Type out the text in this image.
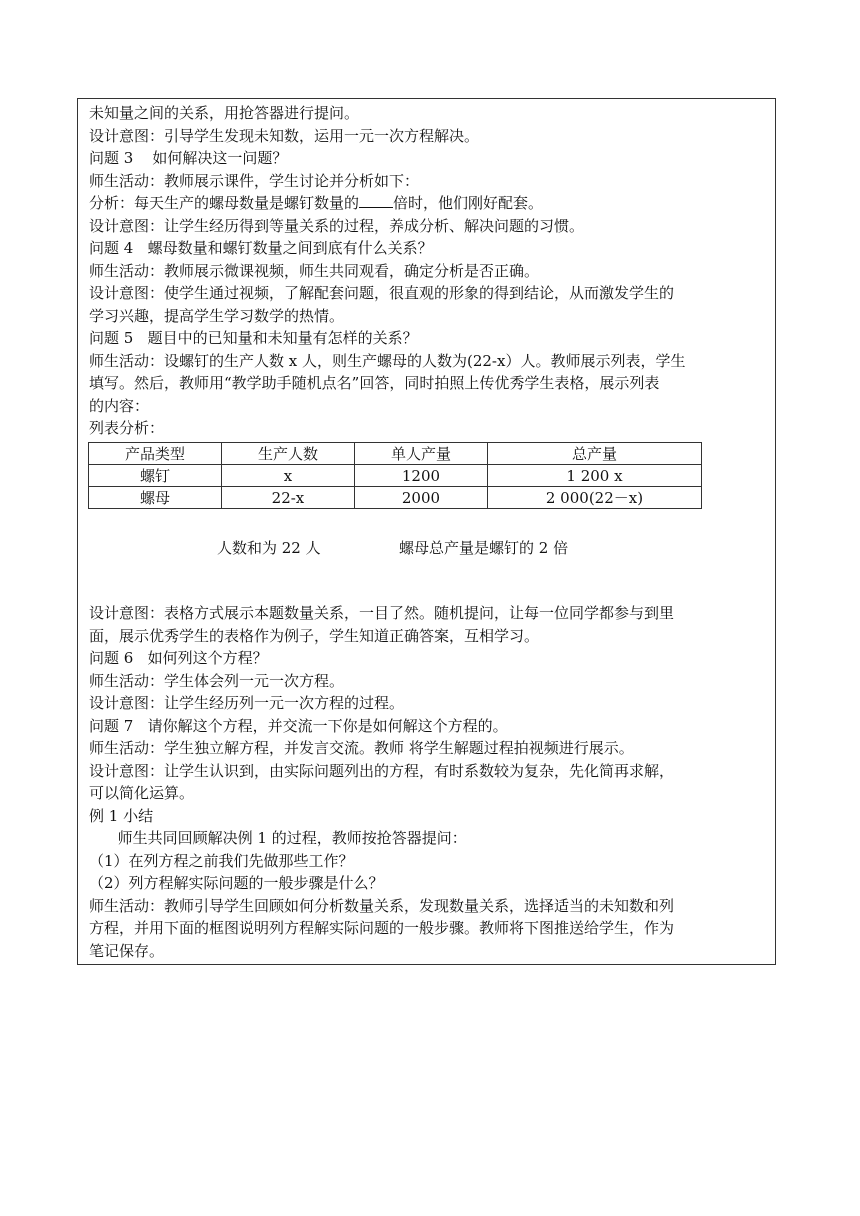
未知量之间的关系，用抢答器进行提问。
设计意图：引导学生发现未知数，运用一元一次方程解决。
问题 3    如何解决这一问题？
师生活动：教师展示课件，学生讨论并分析如下：
分析：每天生产的螺母数量是螺钉数量的 倍时，他们刚好配套。
设计意图：让学生经历得到等量关系的过程，养成分析、解决问题的习惯。
问题 4   螺母数量和螺钉数量之间到底有什么关系？
师生活动：教师展示微课视频，师生共同观看，确定分析是否正确。
设计意图：使学生通过视频，了解配套问题，很直观的形象的得到结论，从而激发学生的
学习兴趣，提高学生学习数学的热情。
问题 5   题目中的已知量和未知量有怎样的关系？
师生活动：设螺钉的生产人数 x 人，则生产螺母的人数为(22-x）人。教师展示列表，学生
填写。然后，教师用“教学助手随机点名”回答，同时拍照上传优秀学生表格，展示列表
的内容：
列表分析：
产品类型	生产人数	单人产量	总产量
螺钉	x	1200	1 200 x
螺母	22-x	2000	2 000(22－x)
人数和为 22 人	螺母总产量是螺钉的 2 倍
设计意图：表格方式展示本题数量关系，一目了然。随机提问，让每一位同学都参与到里
面，展示优秀学生的表格作为例子，学生知道正确答案，互相学习。
问题 6   如何列这个方程？
师生活动：学生体会列一元一次方程。
设计意图：让学生经历列一元一次方程的过程。
问题 7   请你解这个方程，并交流一下你是如何解这个方程的。
师生活动：学生独立解方程，并发言交流。教师 将学生解题过程拍视频进行展示。
设计意图：让学生认识到，由实际问题列出的方程，有时系数较为复杂，先化简再求解，
可以简化运算。
例 1 小结
师生共同回顾解决例 1 的过程，教师按抢答器提问：
（1）在列方程之前我们先做那些工作？
（2）列方程解实际问题的一般步骤是什么？
师生活动：教师引导学生回顾如何分析数量关系，发现数量关系，选择适当的未知数和列
方程，并用下面的框图说明列方程解实际问题的一般步骤。教师将下图推送给学生，作为
笔记保存。
